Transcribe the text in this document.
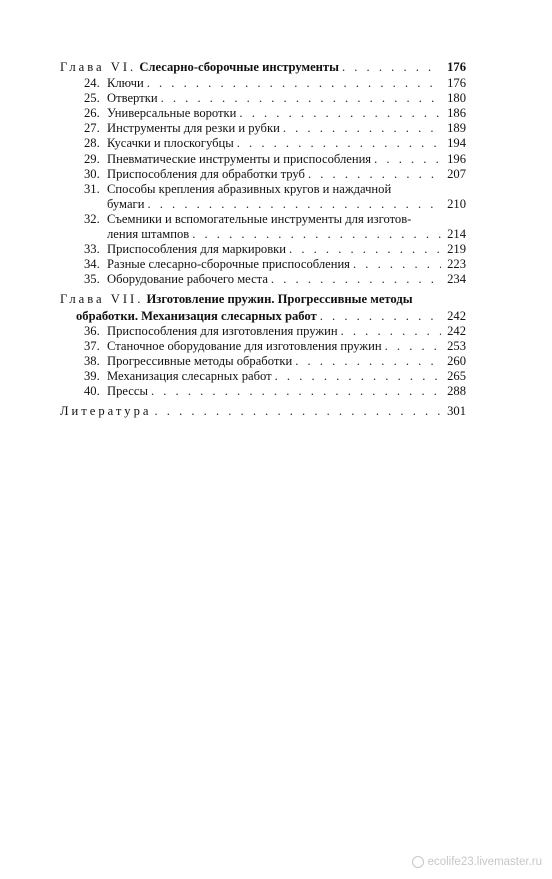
Глава VI.
Слесарно-сборочные инструменты . . .	176
24. Ключи . . .	176
25. Отвертки . . .	180
26. Универсальные воротки . . .	186
27. Инструменты для резки и рубки . . .	189
28. Кусачки и плоскогубцы . . .	194
29. Пневматические инструменты и приспособления . . .	196
30. Приспособления для обработки труб . . .	207
31. Способы крепления абразивных кругов и наждачной
бумаги . . .	210
32. Съемники и вспомогательные инструменты для изготов-
ления штампов . . .	214
33. Приспособления для маркировки . . .	219
34. Разные слесарно-сборочные приспособления . . .	223
35. Оборудование рабочего места . . .	234
Глава VII.
Изготовление пружин. Прогрессивные методы
обработки. Механизация слесарных работ . . .	242
36. Приспособления для изготовления пружин . . .	242
37. Станочное оборудование для изготовления пружин . . .	253
38. Прогрессивные методы обработки . . .	260
39. Механизация слесарных работ . . .	265
40. Прессы . . .	288
Литература . . .	301
ecolife23.livemaster.ru
